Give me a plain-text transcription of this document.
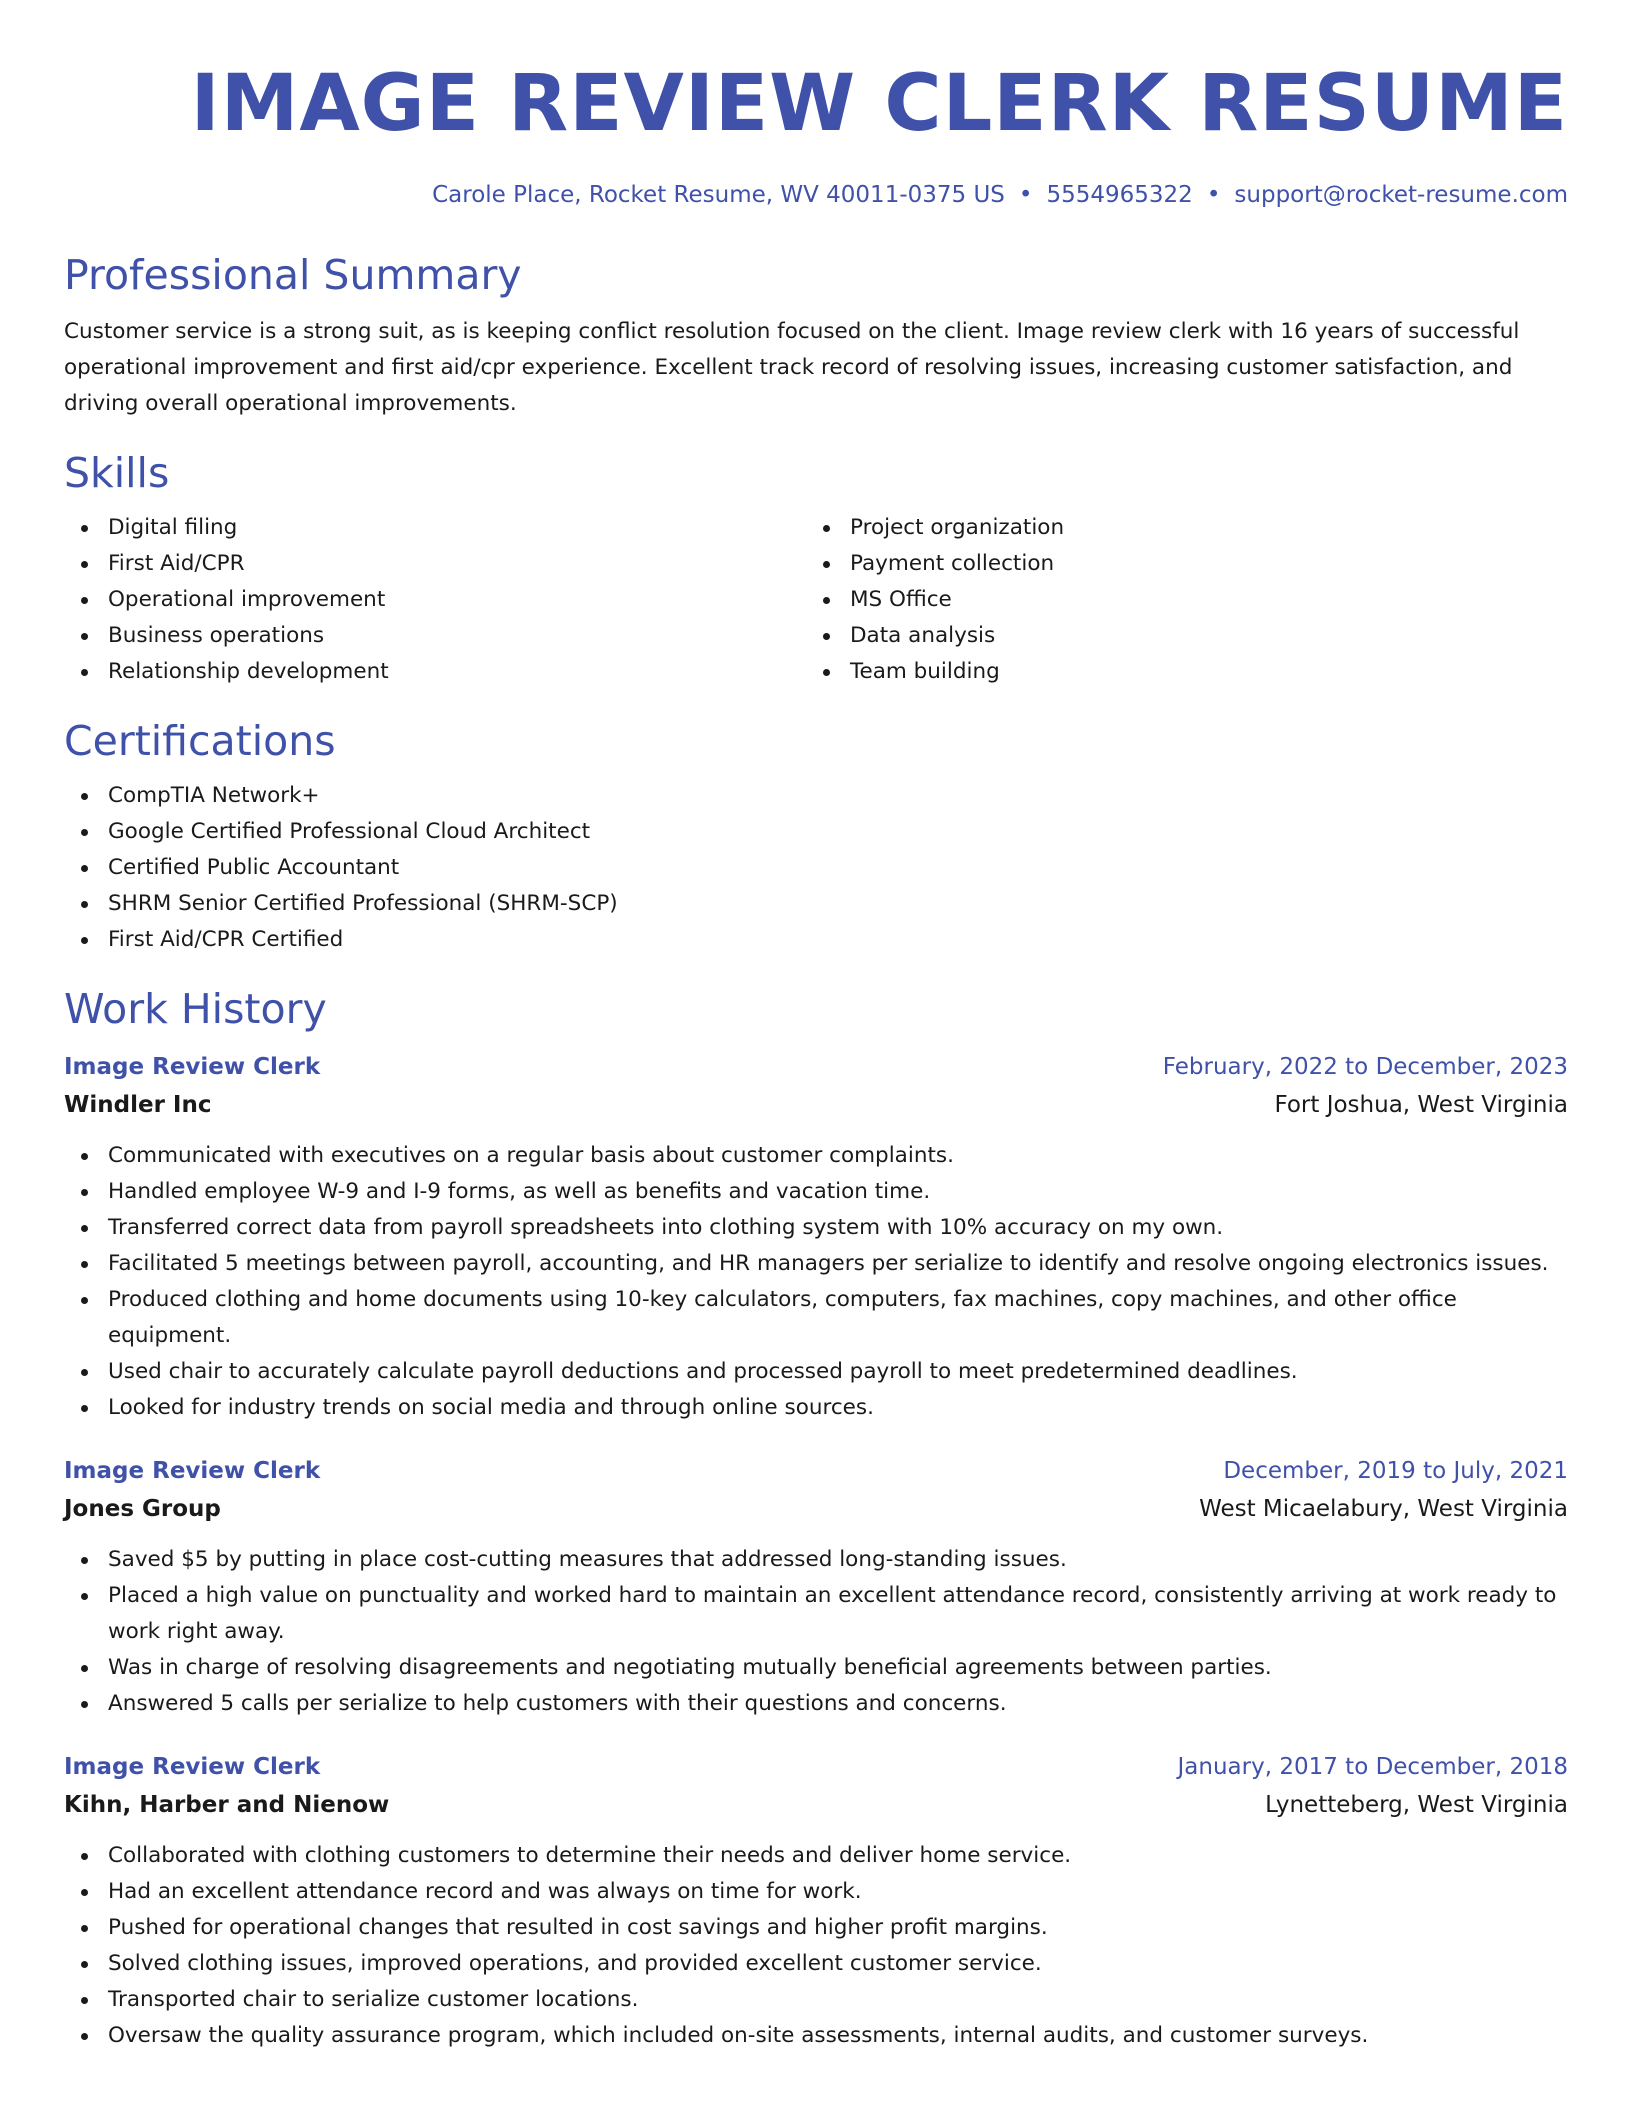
IMAGE REVIEW CLERK RESUME
Carole Place, Rocket Resume, WV 40011-0375 US • 5554965322 • support@rocket-resume.com
Professional Summary

Customer service is a strong suit, as is keeping conflict resolution focused on the client. Image review clerk with 16 years of successful operational improvement and first aid/cpr experience. Excellent track record of resolving issues, increasing customer satisfaction, and driving overall operational improvements.

Skills
Digital filing
First Aid/CPR
Operational improvement
Business operations
Relationship development
Project organization
Payment collection
MS Office
Data analysis
Team building
Certifications
CompTIA Network+
Google Certified Professional Cloud Architect
Certified Public Accountant
SHRM Senior Certified Professional (SHRM-SCP)
First Aid/CPR Certified
Work History
Image Review Clerk	February, 2022 to December, 2023
Windler Inc	Fort Joshua, West Virginia
Communicated with executives on a regular basis about customer complaints.
Handled employee W-9 and I-9 forms, as well as benefits and vacation time.
Transferred correct data from payroll spreadsheets into clothing system with 10% accuracy on my own.
Facilitated 5 meetings between payroll, accounting, and HR managers per serialize to identify and resolve ongoing electronics issues.
Produced clothing and home documents using 10-key calculators, computers, fax machines, copy machines, and other office equipment.
Used chair to accurately calculate payroll deductions and processed payroll to meet predetermined deadlines.
Looked for industry trends on social media and through online sources.
Image Review Clerk	December, 2019 to July, 2021
Jones Group	West Micaelabury, West Virginia
Saved $5 by putting in place cost-cutting measures that addressed long-standing issues.
Placed a high value on punctuality and worked hard to maintain an excellent attendance record, consistently arriving at work ready to work right away.
Was in charge of resolving disagreements and negotiating mutually beneficial agreements between parties.
Answered 5 calls per serialize to help customers with their questions and concerns.
Image Review Clerk	January, 2017 to December, 2018
Kihn, Harber and Nienow	Lynetteberg, West Virginia
Collaborated with clothing customers to determine their needs and deliver home service.
Had an excellent attendance record and was always on time for work.
Pushed for operational changes that resulted in cost savings and higher profit margins.
Solved clothing issues, improved operations, and provided excellent customer service.
Transported chair to serialize customer locations.
Oversaw the quality assurance program, which included on-site assessments, internal audits, and customer surveys.
